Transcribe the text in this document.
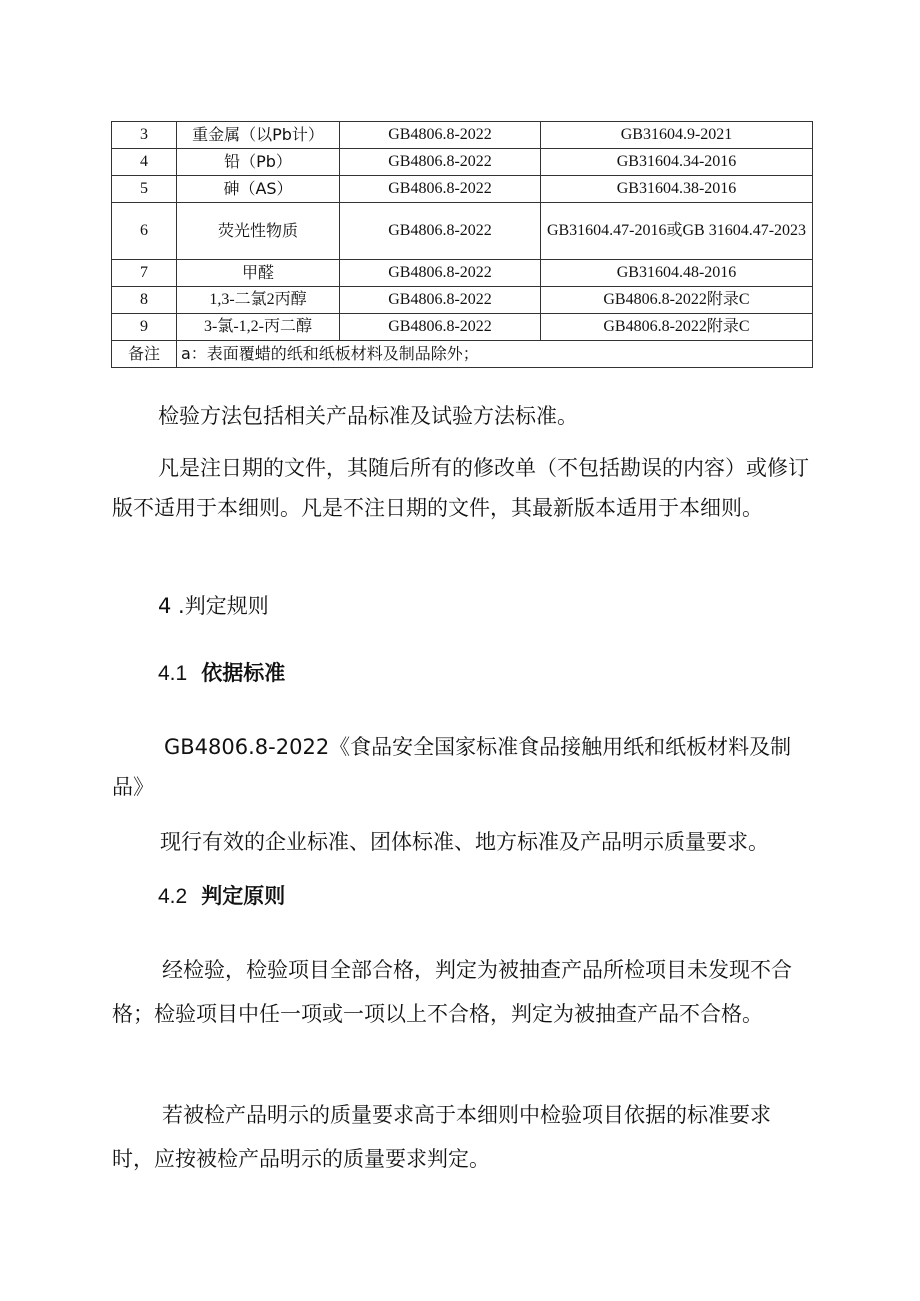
3	重金属（以Pb计）	GB4806.8-2022	GB31604.9-2021
4	铅（Pb）	GB4806.8-2022	GB31604.34-2016
5	砷（AS）	GB4806.8-2022	GB31604.38-2016
6	荧光性物质	GB4806.8-2022	GB31604.47-2016或GB 31604.47-2023
7	甲醛	GB4806.8-2022	GB31604.48-2016
8	1,3-二氯2丙醇	GB4806.8-2022	GB4806.8-2022附录C
9	3-氯-1,2-丙二醇	GB4806.8-2022	GB4806.8-2022附录C
备注	a：表面覆蜡的纸和纸板材料及制品除外；		

检验方法包括相关产品标准及试验方法标准。

凡是注日期的文件，其随后所有的修改单（不包括勘误的内容）或修订版不适用于本细则。凡是不注日期的文件，其最新版本适用于本细则。

4 .判定规则
4.1 依据标准

GB4806.8-2022《食品安全国家标准食品接触用纸和纸板材料及制品》

现行有效的企业标准、团体标准、地方标准及产品明示质量要求。

4.2 判定原则

经检验，检验项目全部合格，判定为被抽查产品所检项目未发现不合格；检验项目中任一项或一项以上不合格，判定为被抽查产品不合格。

若被检产品明示的质量要求高于本细则中检验项目依据的标准要求时，应按被检产品明示的质量要求判定。
